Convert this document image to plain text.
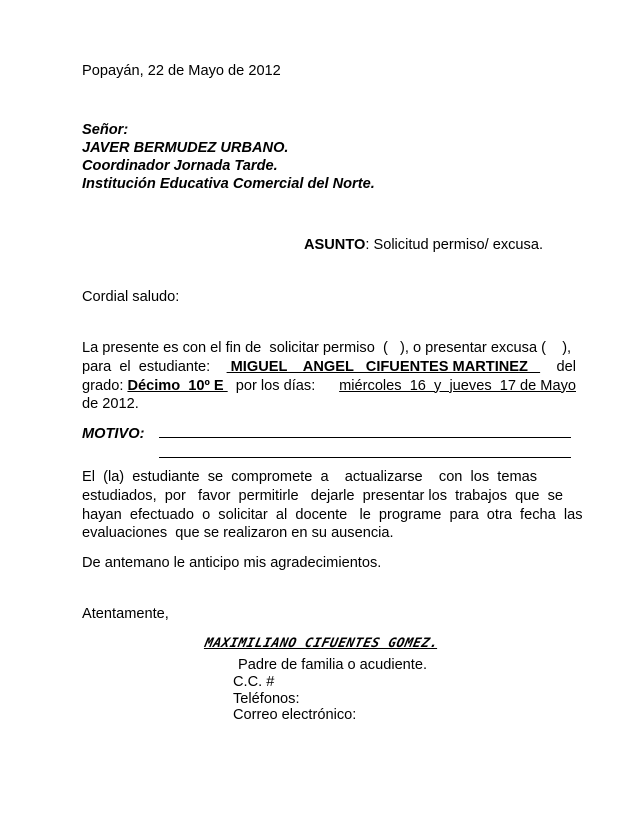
Popayán, 22 de Mayo de 2012
Señor:
JAVER BERMUDEZ URBANO.
Coordinador Jornada Tarde.
Institución Educativa Comercial del Norte.
ASUNTO: Solicitud permiso/ excusa.
Cordial saludo:
La presente es con el fin de  solicitar permiso  (   ), o presentar excusa (    ),
para  el  estudiante: MIGUEL    ANGEL   CIFUENTES MARTINEZ del
grado: Décimo  10º E   por los días: miércoles  16  y  jueves  17 de Mayo
de 2012.
MOTIVO:
El  (la)  estudiante  se  compromete  a    actualizarse    con  los  temas
estudiados,  por   favor  permitirle   dejarle  presentar los  trabajos  que  se
hayan  efectuado  o  solicitar  al  docente   le  programe  para  otra  fecha  las
evaluaciones  que se realizaron en su ausencia.
De antemano le anticipo mis agradecimientos.
Atentamente,
MAXIMILIANO CIFUENTES GOMEZ.
Padre de familia o acudiente.
C.C. #
Teléfonos:
Correo electrónico:
